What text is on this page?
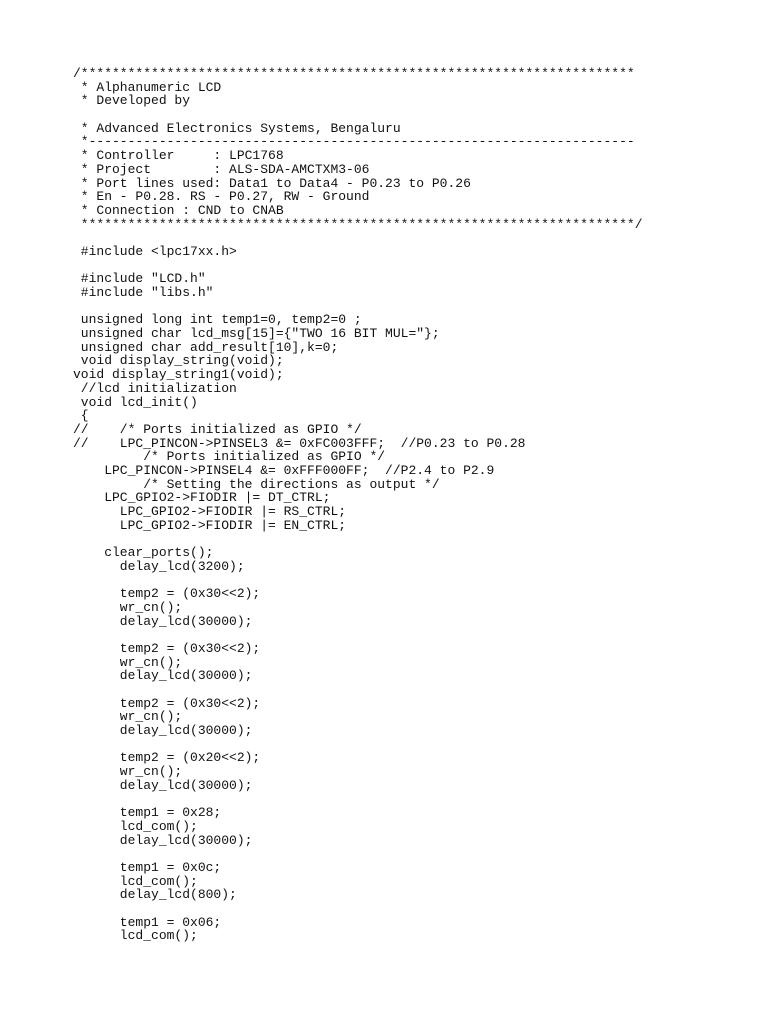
/***********************************************************************
* Alphanumeric LCD
* Developed by
* Advanced Electronics Systems, Bengaluru
*----------------------------------------------------------------------
* Controller     : LPC1768
* Project        : ALS-SDA-AMCTXM3-06
* Port lines used: Data1 to Data4 - P0.23 to P0.26
* En - P0.28. RS - P0.27, RW - Ground
* Connection : CND to CNAB
***********************************************************************/
#include <lpc17xx.h>
#include "LCD.h"
#include "libs.h"
unsigned long int temp1=0, temp2=0 ;
unsigned char lcd_msg[15]={"TWO 16 BIT MUL="};
unsigned char add_result[10],k=0;
void display_string(void);
void display_string1(void);
//lcd initialization
void lcd_init()
{
//    /* Ports initialized as GPIO */
//    LPC_PINCON->PINSEL3 &= 0xFC003FFF;  //P0.23 to P0.28
/* Ports initialized as GPIO */
LPC_PINCON->PINSEL4 &= 0xFFF000FF;  //P2.4 to P2.9
/* Setting the directions as output */
LPC_GPIO2->FIODIR |= DT_CTRL;
LPC_GPIO2->FIODIR |= RS_CTRL;
LPC_GPIO2->FIODIR |= EN_CTRL;
clear_ports();
delay_lcd(3200);
temp2 = (0x30<<2);
wr_cn();
delay_lcd(30000);
temp2 = (0x30<<2);
wr_cn();
delay_lcd(30000);
temp2 = (0x30<<2);
wr_cn();
delay_lcd(30000);
temp2 = (0x20<<2);
wr_cn();
delay_lcd(30000);
temp1 = 0x28;
lcd_com();
delay_lcd(30000);
temp1 = 0x0c;
lcd_com();
delay_lcd(800);
temp1 = 0x06;
lcd_com();
